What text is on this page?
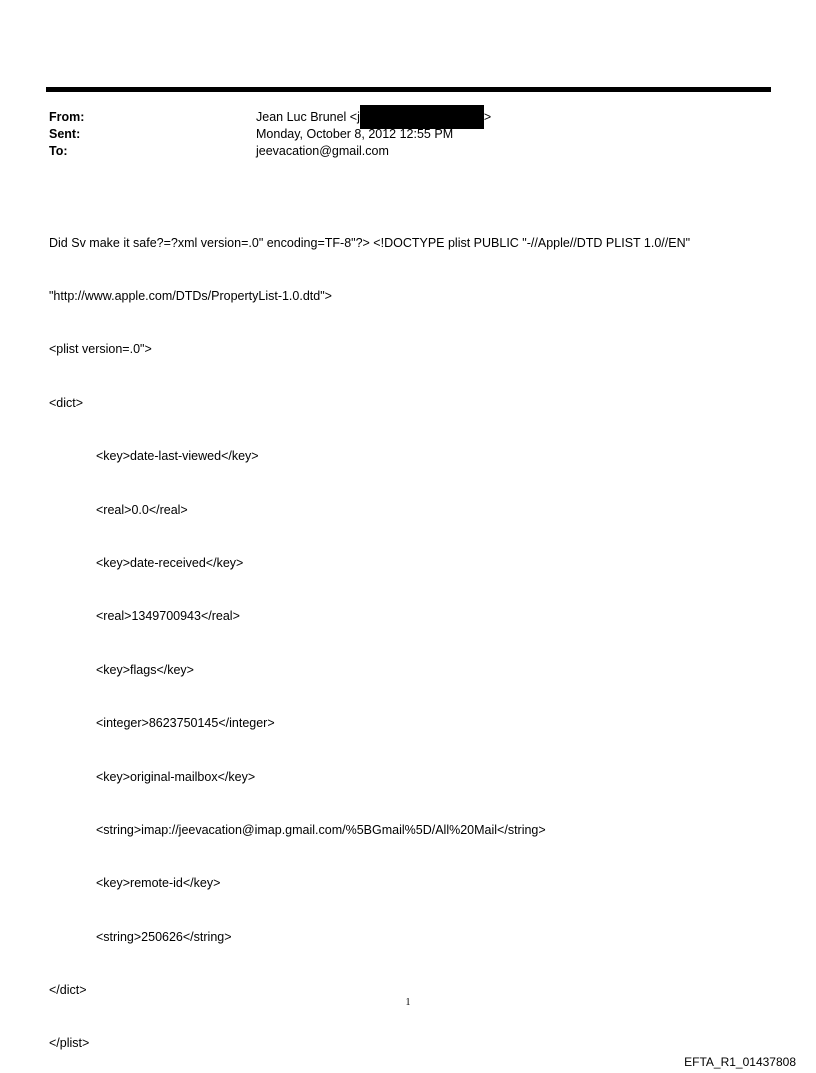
From:	Jean Luc Brunel <j	>
Sent:	Monday, October 8, 2012 12:55 PM
To:	jeevacation@gmail.com

Did Sv make it safe?=?xml version=.0" encoding=TF-8"?> <!DOCTYPE plist PUBLIC "-//Apple//DTD PLIST 1.0//EN"

"http://www.apple.com/DTDs/PropertyList-1.0.dtd">

<plist version=.0">

<dict>

<key>date-last-viewed</key>

<real>0.0</real>

<key>date-received</key>

<real>1349700943</real>

<key>flags</key>

<integer>8623750145</integer>

<key>original-mailbox</key>

<string>imap://jeevacation@imap.gmail.com/%5BGmail%5D/All%20Mail</string>

<key>remote-id</key>

<string>250626</string>

</dict>

</plist>

1
EFTA_R1_01437808
